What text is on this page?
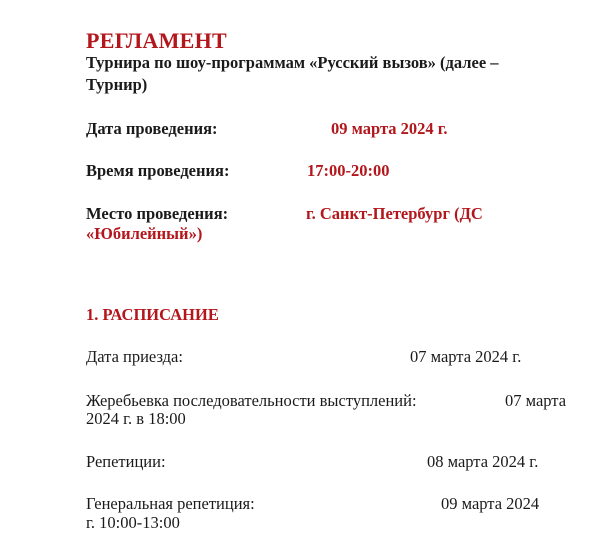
РЕГЛАМЕНТ
Турнира по шоу-программам «Русский вызов» (далее –
Турнир)
Дата проведения:	09 марта 2024 г.
Время проведения:	17:00-20:00
Место проведения:	г. Санкт-Петербург (ДС
«Юбилейный»)
1. РАСПИСАНИЕ
Дата приезда:	07 марта 2024 г.
Жеребьевка последовательности выступлений:	07 марта
2024 г. в 18:00
Репетиции:	08 марта 2024 г.
Генеральная репетиция:	09 марта 2024
г. 10:00-13:00
